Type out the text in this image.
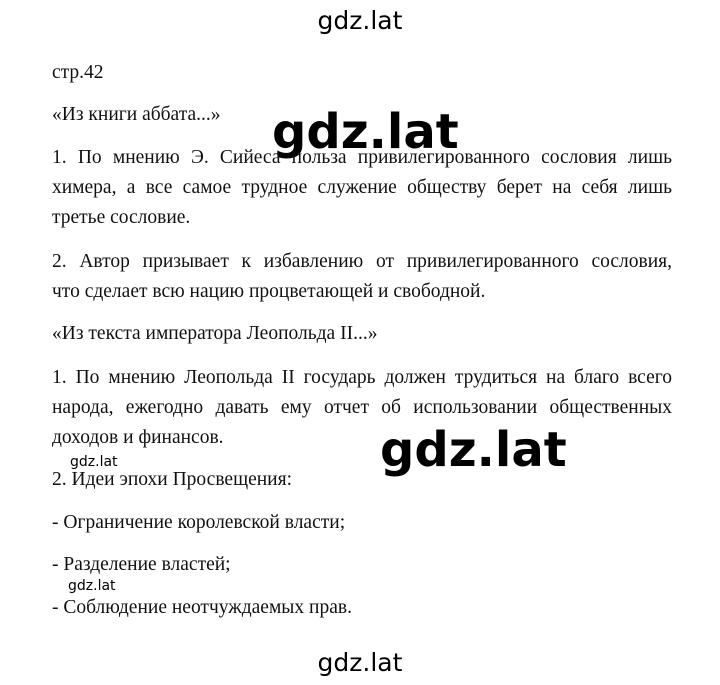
gdz.lat
gdz.lat
gdz.lat
gdz.lat
gdz.lat
gdz.lat
стр.42
«Из книги аббата...»
1. По мнению Э. Сийеса польза привилегированного сословия лишь
химера, а все самое трудное служение обществу берет на себя лишь
третье сословие.
2. Автор призывает к избавлению от привилегированного сословия,
что сделает всю нацию процветающей и свободной.
«Из текста императора Леопольда II...»
1. По мнению Леопольда II государь должен трудиться на благо всего
народа, ежегодно давать ему отчет об использовании общественных
доходов и финансов.
2. Идеи эпохи Просвещения:
- Ограничение королевской власти;
- Разделение властей;
- Соблюдение неотчуждаемых прав.
